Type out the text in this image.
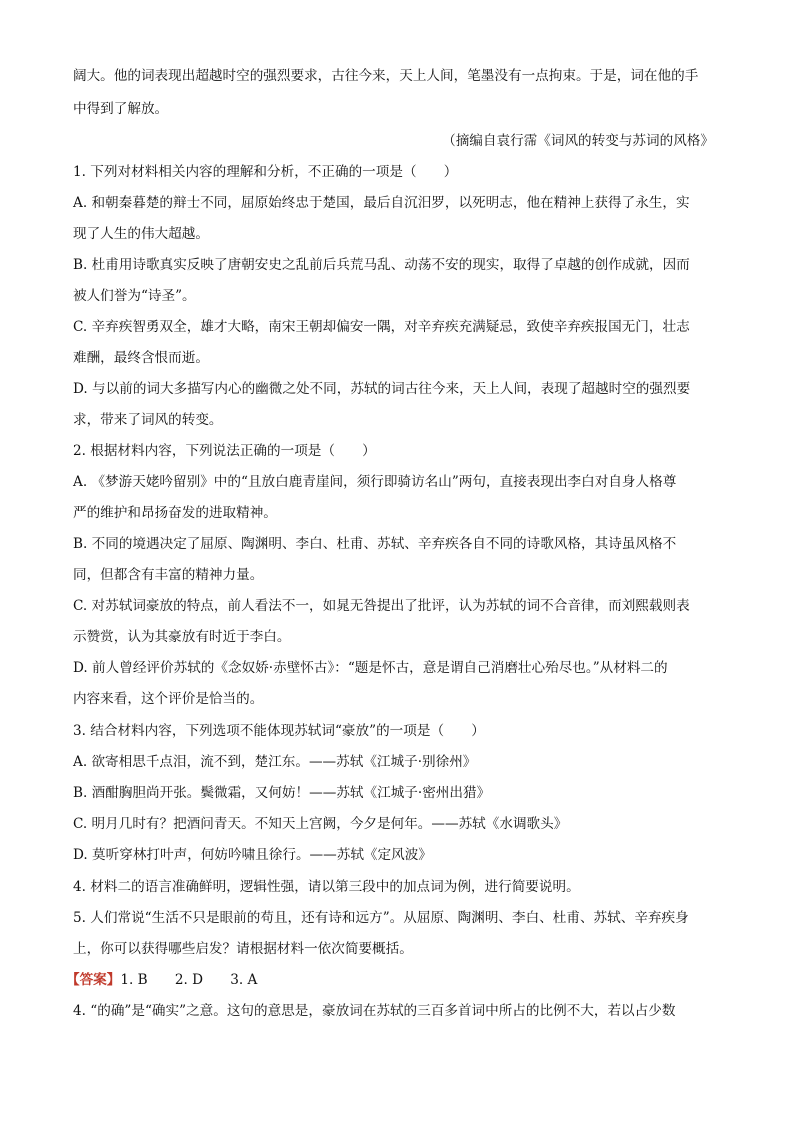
阔大。他的词表现出超越时空的强烈要求，古往今来，天上人间，笔墨没有一点拘束。于是，词在他的手
中得到了解放。
（摘编自袁行霈《词风的转变与苏词的风格》
1. 下列对材料相关内容的理解和分析，不正确的一项是（　　）
A. 和朝秦暮楚的辩士不同，屈原始终忠于楚国，最后自沉汨罗，以死明志，他在精神上获得了永生，实
现了人生的伟大超越。
B. 杜甫用诗歌真实反映了唐朝安史之乱前后兵荒马乱、动荡不安的现实，取得了卓越的创作成就，因而
被人们誉为“诗圣”。
C. 辛弃疾智勇双全，雄才大略，南宋王朝却偏安一隅，对辛弃疾充满疑忌，致使辛弃疾报国无门，壮志
难酬，最终含恨而逝。
D. 与以前的词大多描写内心的幽微之处不同，苏轼的词古往今来，天上人间，表现了超越时空的强烈要
求，带来了词风的转变。
2. 根据材料内容，下列说法正确的一项是（　　）
A. 《梦游天姥吟留别》中的“且放白鹿青崖间，须行即骑访名山”两句，直接表现出李白对自身人格尊
严的维护和昂扬奋发的进取精神。
B. 不同的境遇决定了屈原、陶渊明、李白、杜甫、苏轼、辛弃疾各自不同的诗歌风格，其诗虽风格不
同，但都含有丰富的精神力量。
C. 对苏轼词豪放的特点，前人看法不一，如晁无咎提出了批评，认为苏轼的词不合音律，而刘熙载则表
示赞赏，认为其豪放有时近于李白。
D. 前人曾经评价苏轼的《念奴娇·赤壁怀古》：“题是怀古，意是谓自己消磨壮心殆尽也。”从材料二的
内容来看，这个评价是恰当的。
3. 结合材料内容，下列选项不能体现苏轼词“豪放”的一项是（　　）
A. 欲寄相思千点泪，流不到，楚江东。——苏轼《江城子·别徐州》
B. 酒酣胸胆尚开张。鬓微霜，又何妨！——苏轼《江城子·密州出猎》
C. 明月几时有？把酒问青天。不知天上宫阙，今夕是何年。——苏轼《水调歌头》
D. 莫听穿林打叶声，何妨吟啸且徐行。——苏轼《定风波》
4. 材料二的语言准确鲜明，逻辑性强，请以第三段中的加点词为例，进行简要说明。
5. 人们常说“生活不只是眼前的苟且，还有诗和远方”。从屈原、陶渊明、李白、杜甫、苏轼、辛弃疾身
上，你可以获得哪些启发？请根据材料一依次简要概括。
【答案】1. B　　2. D　　3. A
4. “的确”是“确实”之意。这句的意思是，豪放词在苏轼的三百多首词中所占的比例不大，若以占少数
